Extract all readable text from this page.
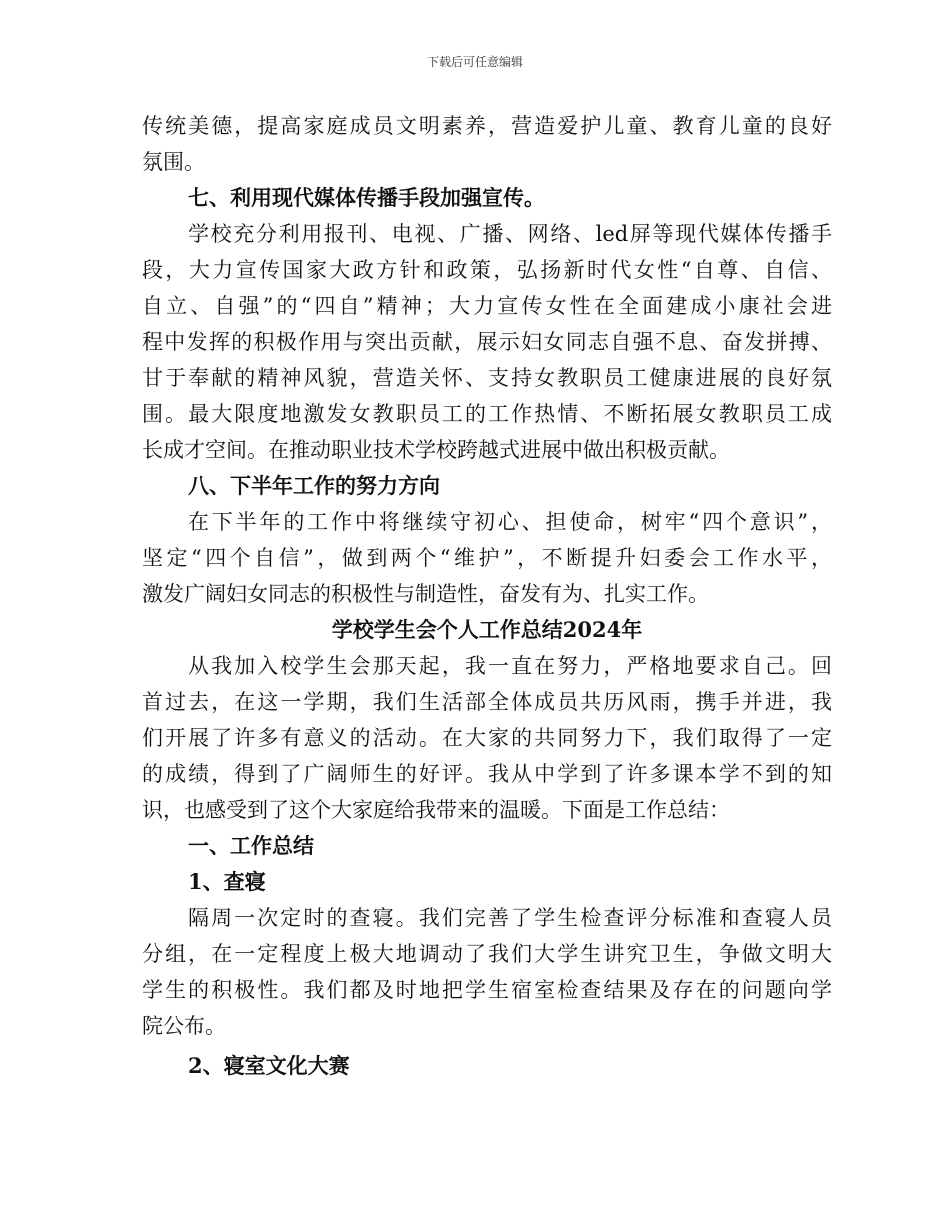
下载后可任意编辑
传统美德，提高家庭成员文明素养，营造爱护儿童、教育儿童的良好
氛围。
七、利用现代媒体传播手段加强宣传。
学校充分利用报刊、电视、广播、网络、led屏等现代媒体传播手
段，大力宣传国家大政方针和政策，弘扬新时代女性“自尊、自信、
自立、自强”的“四自”精神；大力宣传女性在全面建成小康社会进
程中发挥的积极作用与突出贡献，展示妇女同志自强不息、奋发拼搏、
甘于奉献的精神风貌，营造关怀、支持女教职员工健康进展的良好氛
围。最大限度地激发女教职员工的工作热情、不断拓展女教职员工成
长成才空间。在推动职业技术学校跨越式进展中做出积极贡献。
八、下半年工作的努力方向
在下半年的工作中将继续守初心、担使命，树牢“四个意识”，
坚定“四个自信”，做到两个“维护”，不断提升妇委会工作水平，
激发广阔妇女同志的积极性与制造性，奋发有为、扎实工作。
学校学生会个人工作总结2024年
从我加入校学生会那天起，我一直在努力，严格地要求自己。回
首过去，在这一学期，我们生活部全体成员共历风雨，携手并进，我
们开展了许多有意义的活动。在大家的共同努力下，我们取得了一定
的成绩，得到了广阔师生的好评。我从中学到了许多课本学不到的知
识，也感受到了这个大家庭给我带来的温暖。下面是工作总结：
一、工作总结
1、查寝
隔周一次定时的查寝。我们完善了学生检查评分标准和查寝人员
分组，在一定程度上极大地调动了我们大学生讲究卫生，争做文明大
学生的积极性。我们都及时地把学生宿室检查结果及存在的问题向学
院公布。
2、寝室文化大赛
